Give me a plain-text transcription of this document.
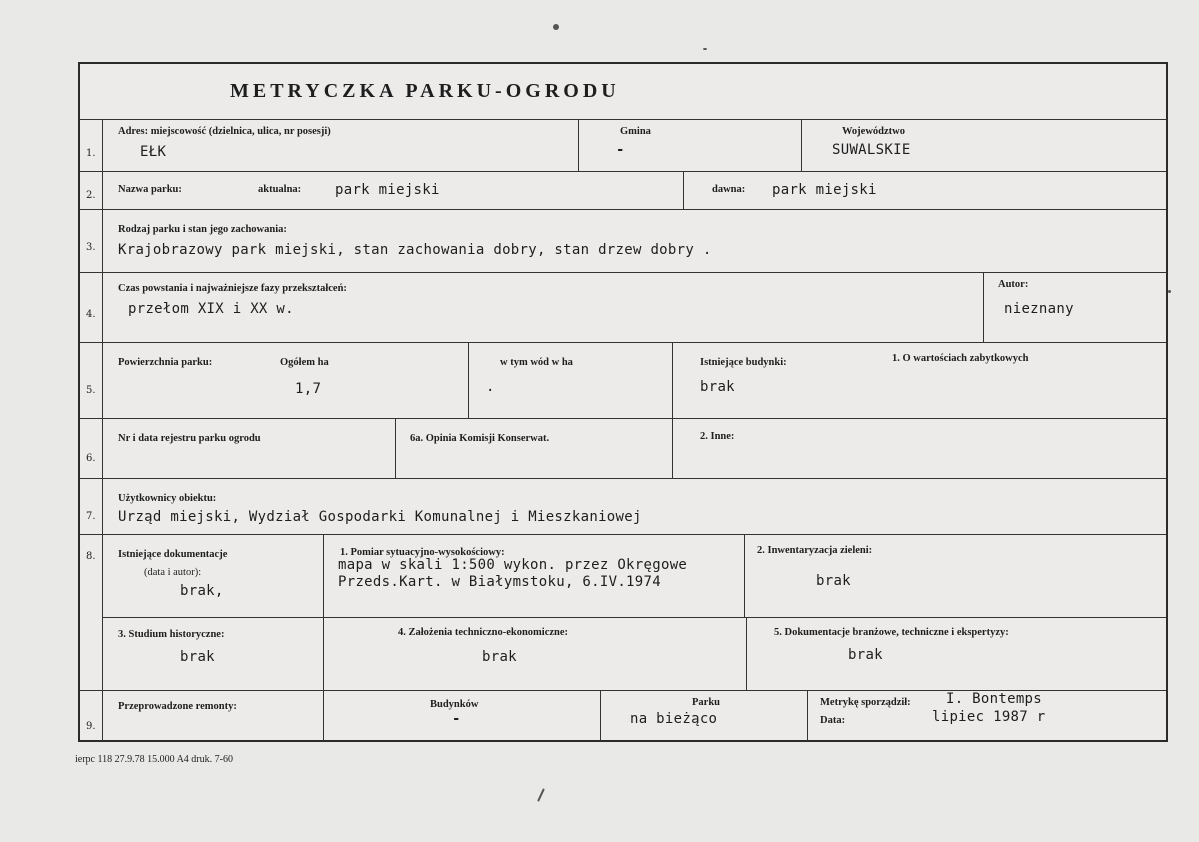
METRYCZKA PARKU-OGRODU
1.
Adres: miejscowość (dzielnica, ulica, nr posesji)
EŁK
Gmina
-
Województwo
SUWALSKIE
2.
Nazwa parku:	aktualna: park miejski	dawna: park miejski
3.
Rodzaj parku i stan jego zachowania:
Krajobrazowy park miejski, stan zachowania dobry, stan drzew dobry .
4.
Czas powstania i najważniejsze fazy przekształceń:
przełom XIX i XX w.
Autor:
nieznany
5.
Powierzchnia parku:	Ogółem ha
1,7
w tym wód w ha
.
Istniejące budynki:
brak
1. O wartościach zabytkowych
6.
Nr i data rejestru parku ogrodu	6a. Opinia Komisji Konserwat.	2. Inne:
7.
Użytkownicy obiektu:
Urząd miejski, Wydział Gospodarki Komunalnej i Mieszkaniowej
8. Istniejące dokumentacje
(data i autor):
brak,
1. Pomiar sytuacyjno-wysokościowy:
mapa w skali 1:500 wykon. przez Okręgowe
Przeds.Kart. w Białymstoku, 6.IV.1974
2. Inwentaryzacja zieleni:
brak
3. Studium historyczne:
brak
4. Założenia techniczno-ekonomiczne:
brak
5. Dokumentacje branżowe, techniczne i ekspertyzy:
brak
9.
Przeprowadzone remonty:	Budynków
-
Parku
na bieżąco
Metrykę sporządził:	I. Bontemps
Data:	lipiec 1987 r
ierpc 118 27.9.78 15.000 A4 druk. 7-60
